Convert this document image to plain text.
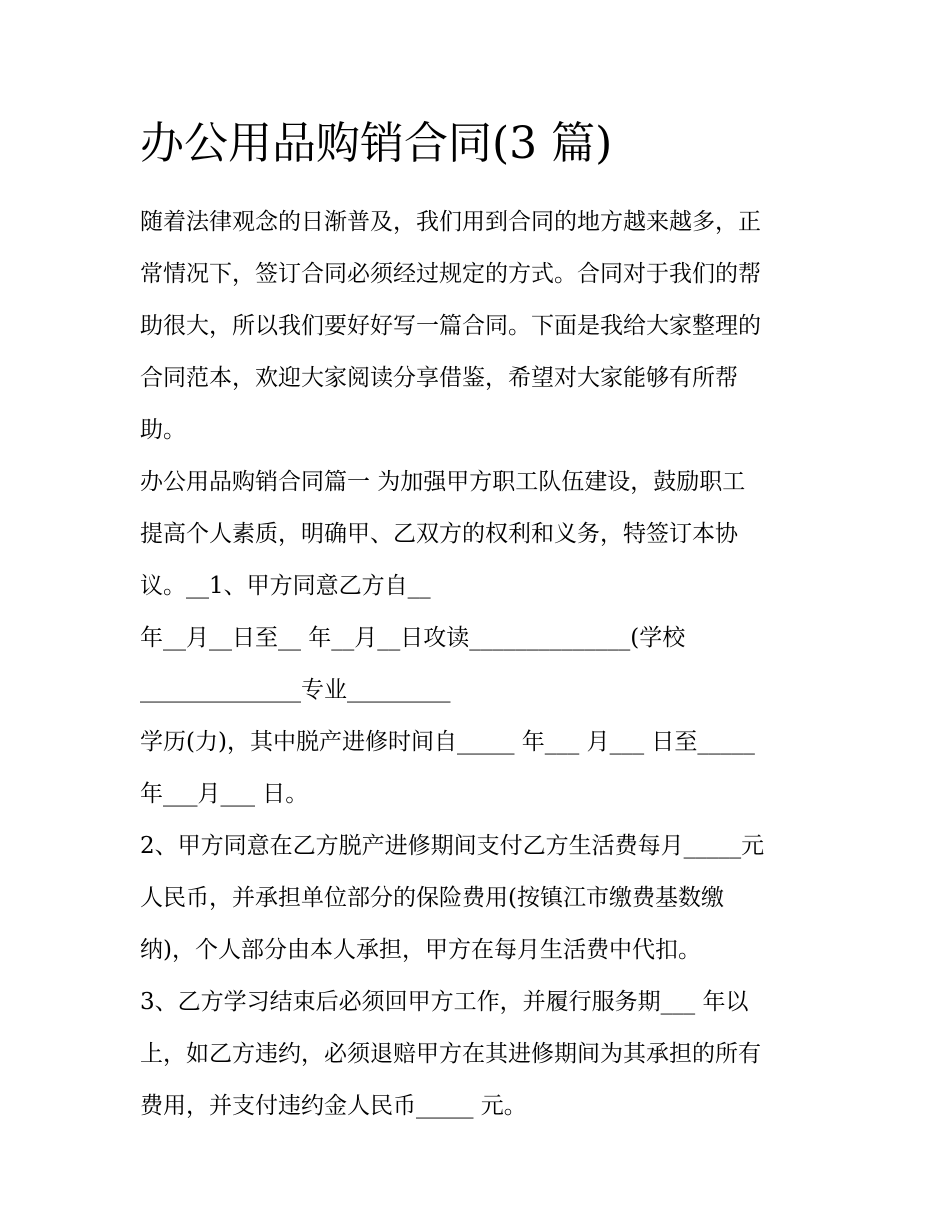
办公用品购销合同(3 篇)

随着法律观念的日渐普及，我们用到合同的地方越来越多，正

常情况下，签订合同必须经过规定的方式。合同对于我们的帮

助很大，所以我们要好好写一篇合同。下面是我给大家整理的

合同范本，欢迎大家阅读分享借鉴，希望对大家能够有所帮

助。

办公用品购销合同篇一 为加强甲方职工队伍建设，鼓励职工

提高个人素质，明确甲、乙双方的权利和义务，特签订本协

议。__1、甲方同意乙方自__

年__月__日至__ 年__月__日攻读______________(学校

______________专业_________

学历(力)，其中脱产进修时间自_____ 年___ 月___ 日至_____

年___月___ 日。

2、甲方同意在乙方脱产进修期间支付乙方生活费每月_____元

人民币，并承担单位部分的保险费用(按镇江市缴费基数缴

纳)，个人部分由本人承担，甲方在每月生活费中代扣。

3、乙方学习结束后必须回甲方工作，并履行服务期___ 年以

上，如乙方违约，必须退赔甲方在其进修期间为其承担的所有

费用，并支付违约金人民币_____ 元。
